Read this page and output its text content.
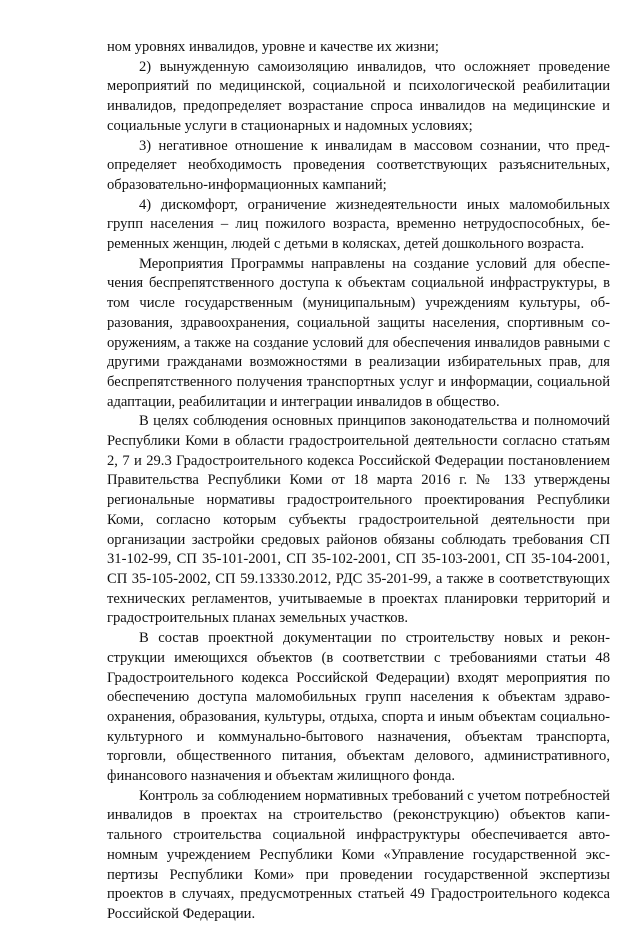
ном уровнях инвалидов, уровне и качестве их жизни;

2) вынужденную самоизоляцию инвалидов, что осложняет проведение мероприятий по медицинской, социальной и психологической реабилитации инвалидов, предопределяет возрастание спроса инвалидов на медицинские и социальные услуги в стационарных и надомных условиях;

3) негативное отношение к инвалидам в массовом сознании, что предопределяет необходимость проведения соответствующих разъяснительных, образовательно-информационных кампаний;

4) дискомфорт, ограничение жизнедеятельности иных маломобильных групп населения – лиц пожилого возраста, временно нетрудоспособных, беременных женщин, людей с детьми в колясках, детей дошкольного возраста.

Мероприятия Программы направлены на создание условий для обеспечения беспрепятственного доступа к объектам социальной инфраструктуры, в том числе государственным (муниципальным) учреждениям культуры, образования, здравоохранения, социальной защиты населения, спортивным сооружениям, а также на создание условий для обеспечения инвалидов равными с другими гражданами возможностями в реализации избирательных прав, для беспрепятственного получения транспортных услуг и информации, социальной адаптации, реабилитации и интеграции инвалидов в общество.

В целях соблюдения основных принципов законодательства и полномочий Республики Коми в области градостроительной деятельности согласно статьям 2, 7 и 29.3 Градостроительного кодекса Российской Федерации постановлением Правительства Республики Коми от 18 марта 2016 г. № 133 утверждены региональные нормативы градостроительного проектирования Республики Коми, согласно которым субъекты градостроительной деятельности при организации застройки средовых районов обязаны соблюдать требования СП 31-102-99, СП 35-101-2001, СП 35-102-2001, СП 35-103-2001, СП 35-104-2001, СП 35-105-2002, СП 59.13330.2012, РДС 35-201-99, а также в соответствующих технических регламентов, учитываемые в проектах планировки территорий и градостроительных планах земельных участков.

В состав проектной документации по строительству новых и реконструкции имеющихся объектов (в соответствии с требованиями статьи 48 Градостроительного кодекса Российской Федерации) входят мероприятия по обеспечению доступа маломобильных групп населения к объектам здравоохранения, образования, культуры, отдыха, спорта и иным объектам социально-культурного и коммунально-бытового назначения, объектам транспорта, торговли, общественного питания, объектам делового, административного, финансового назначения и объектам жилищного фонда.

Контроль за соблюдением нормативных требований с учетом потребностей инвалидов в проектах на строительство (реконструкцию) объектов капитального строительства социальной инфраструктуры обеспечивается автономным учреждением Республики Коми «Управление государственной экспертизы Республики Коми» при проведении государственной экспертизы проектов в случаях, предусмотренных статьей 49 Градостроительного кодекса Российской Федерации.
